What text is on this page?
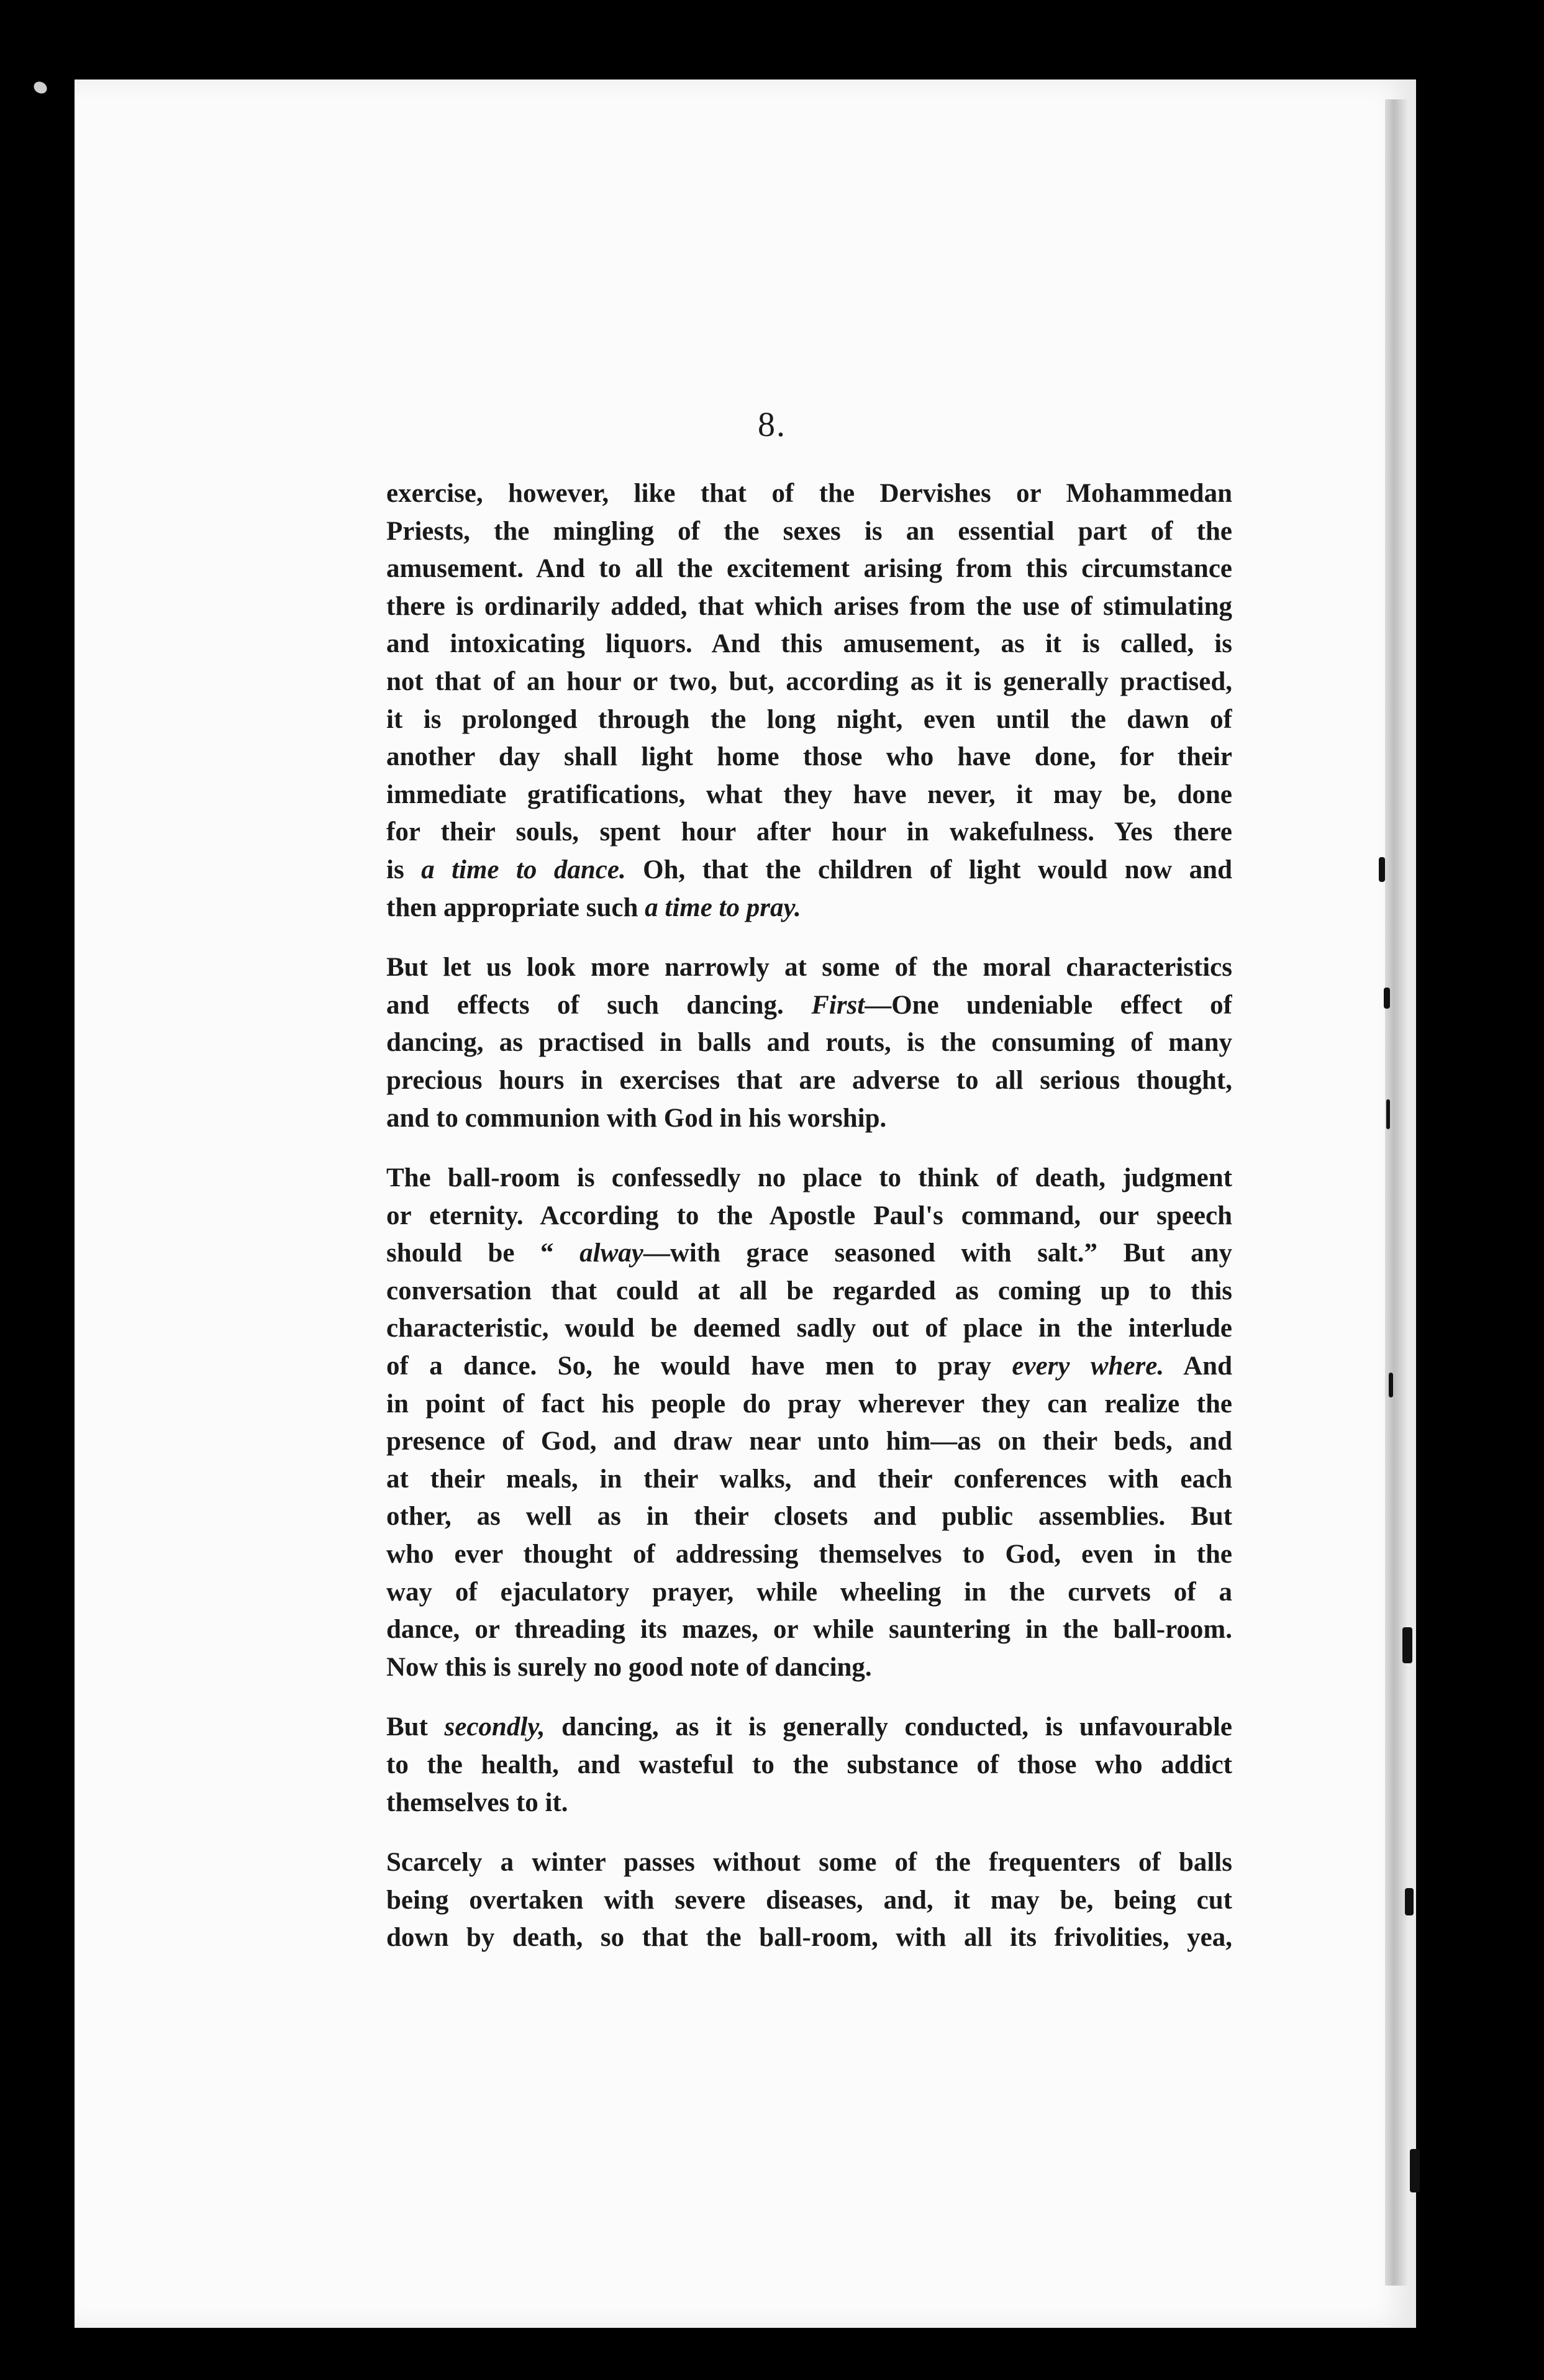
8.
exercise, however, like that of the Dervishes or Mohammedan
Priests, the mingling of the sexes is an essential part of the
amusement. And to all the excitement arising from this circumstance
there is ordinarily added, that which arises from the use of stimulating
and intoxicating liquors. And this amusement, as it is called, is
not that of an hour or two, but, according as it is generally practised,
it is prolonged through the long night, even until the dawn of
another day shall light home those who have done, for their
immediate gratifications, what they have never, it may be, done
for their souls, spent hour after hour in wakefulness. Yes there
is a time to dance. Oh, that the children of light would now and
then appropriate such a time to pray.
But let us look more narrowly at some of the moral characteristics
and effects of such dancing. First—One undeniable effect of
dancing, as practised in balls and routs, is the consuming of many
precious hours in exercises that are adverse to all serious thought,
and to communion with God in his worship.
The ball-room is confessedly no place to think of death, judgment
or eternity. According to the Apostle Paul's command, our speech
should be “ alway—with grace seasoned with salt.” But any
conversation that could at all be regarded as coming up to this
characteristic, would be deemed sadly out of place in the interlude
of a dance. So, he would have men to pray every where. And
in point of fact his people do pray wherever they can realize the
presence of God, and draw near unto him—as on their beds, and
at their meals, in their walks, and their conferences with each
other, as well as in their closets and public assemblies. But
who ever thought of addressing themselves to God, even in the
way of ejaculatory prayer, while wheeling in the curvets of a
dance, or threading its mazes, or while sauntering in the ball-room.
Now this is surely no good note of dancing.
But secondly, dancing, as it is generally conducted, is unfavourable
to the health, and wasteful to the substance of those who addict
themselves to it.
Scarcely a winter passes without some of the frequenters of balls
being overtaken with severe diseases, and, it may be, being cut
down by death, so that the ball-room, with all its frivolities, yea,
